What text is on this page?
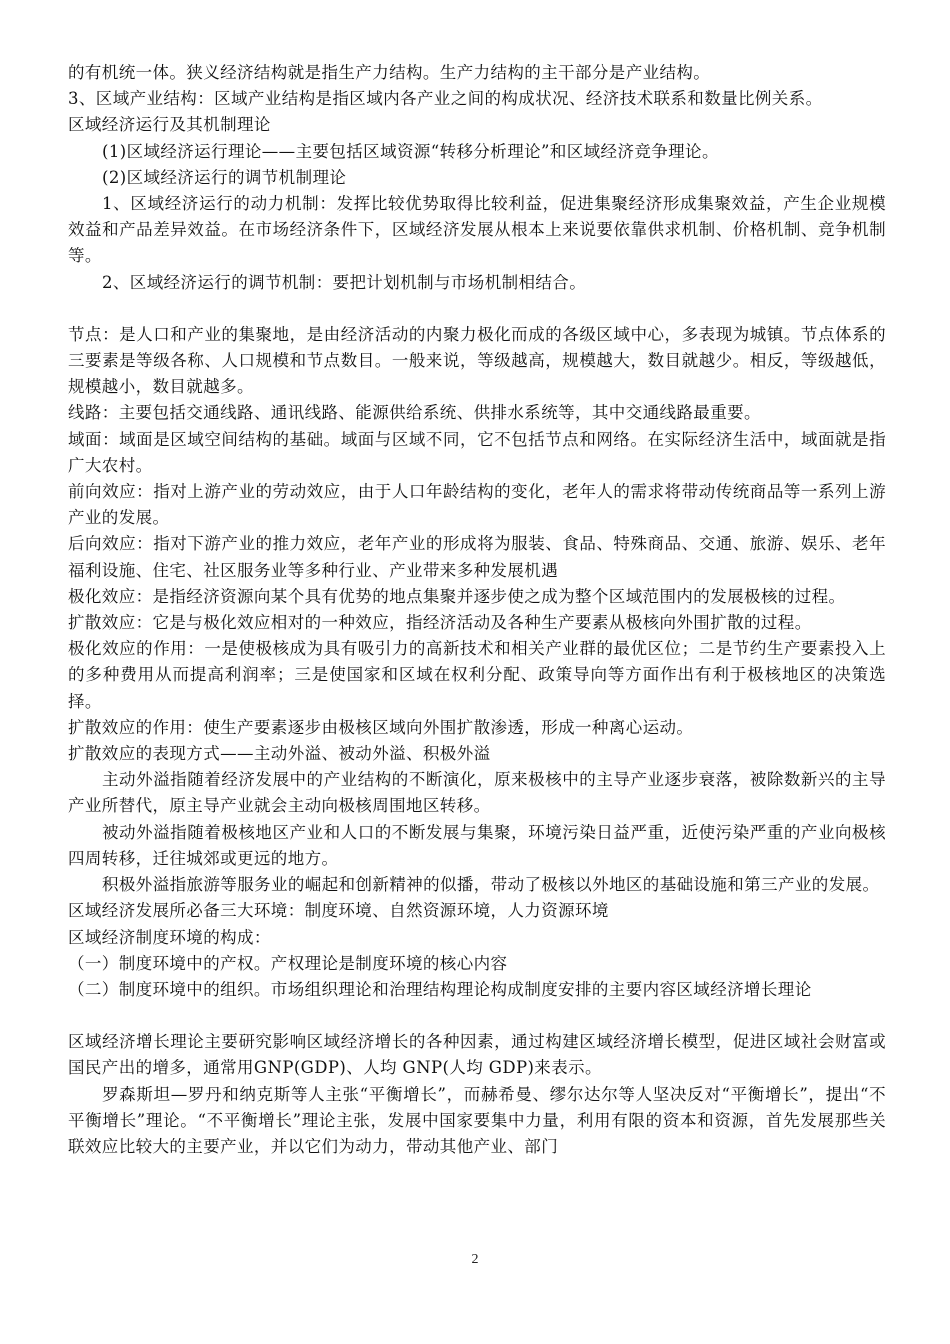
的有机统一体。狭义经济结构就是指生产力结构。生产力结构的主干部分是产业结构。

3、区域产业结构：区域产业结构是指区域内各产业之间的构成状况、经济技术联系和数量比例关系。

区域经济运行及其机制理论

(1)区域经济运行理论——主要包括区域资源“转移分析理论”和区域经济竞争理论。

(2)区域经济运行的调节机制理论

1、区域经济运行的动力机制：发挥比较优势取得比较利益，促进集聚经济形成集聚效益，产生企业规模效益和产品差异效益。在市场经济条件下，区域经济发展从根本上来说要依靠供求机制、价格机制、竞争机制等。

2、区域经济运行的调节机制：要把计划机制与市场机制相结合。

节点：是人口和产业的集聚地，是由经济活动的内聚力极化而成的各级区域中心，多表现为城镇。节点体系的三要素是等级各称、人口规模和节点数目。一般来说，等级越高，规模越大，数目就越少。相反，等级越低，规模越小，数目就越多。

线路：主要包括交通线路、通讯线路、能源供给系统、供排水系统等，其中交通线路最重要。

域面：域面是区域空间结构的基础。域面与区域不同，它不包括节点和网络。在实际经济生活中，域面就是指广大农村。

前向效应：指对上游产业的劳动效应，由于人口年龄结构的变化，老年人的需求将带动传统商品等一系列上游产业的发展。

后向效应：指对下游产业的推力效应，老年产业的形成将为服装、食品、特殊商品、交通、旅游、娱乐、老年福利设施、住宅、社区服务业等多种行业、产业带来多种发展机遇

极化效应：是指经济资源向某个具有优势的地点集聚并逐步使之成为整个区域范围内的发展极核的过程。

扩散效应：它是与极化效应相对的一种效应，指经济活动及各种生产要素从极核向外围扩散的过程。

极化效应的作用：一是使极核成为具有吸引力的高新技术和相关产业群的最优区位；二是节约生产要素投入上的多种费用从而提高利润率；三是使国家和区域在权利分配、政策导向等方面作出有利于极核地区的决策选择。

扩散效应的作用：使生产要素逐步由极核区域向外围扩散渗透，形成一种离心运动。

扩散效应的表现方式——主动外溢、被动外溢、积极外溢

主动外溢指随着经济发展中的产业结构的不断演化，原来极核中的主导产业逐步衰落，被除数新兴的主导产业所替代，原主导产业就会主动向极核周围地区转移。

被动外溢指随着极核地区产业和人口的不断发展与集聚，环境污染日益严重，近使污染严重的产业向极核四周转移，迁往城郊或更远的地方。

积极外溢指旅游等服务业的崛起和创新精神的似播，带动了极核以外地区的基础设施和第三产业的发展。

区域经济发展所必备三大环境：制度环境、自然资源环境，人力资源环境

区域经济制度环境的构成：

（一）制度环境中的产权。产权理论是制度环境的核心内容

（二）制度环境中的组织。市场组织理论和治理结构理论构成制度安排的主要内容区域经济增长理论

区域经济增长理论主要研究影响区域经济增长的各种因素，通过构建区域经济增长模型，促进区域社会财富或国民产出的增多，通常用GNP(GDP)、人均 GNP(人均 GDP)来表示。

罗森斯坦—罗丹和纳克斯等人主张“平衡增长”，而赫希曼、缪尔达尔等人坚决反对“平衡增长”，提出“不平衡增长”理论。“不平衡增长”理论主张，发展中国家要集中力量，利用有限的资本和资源，首先发展那些关联效应比较大的主要产业，并以它们为动力，带动其他产业、部门

2
